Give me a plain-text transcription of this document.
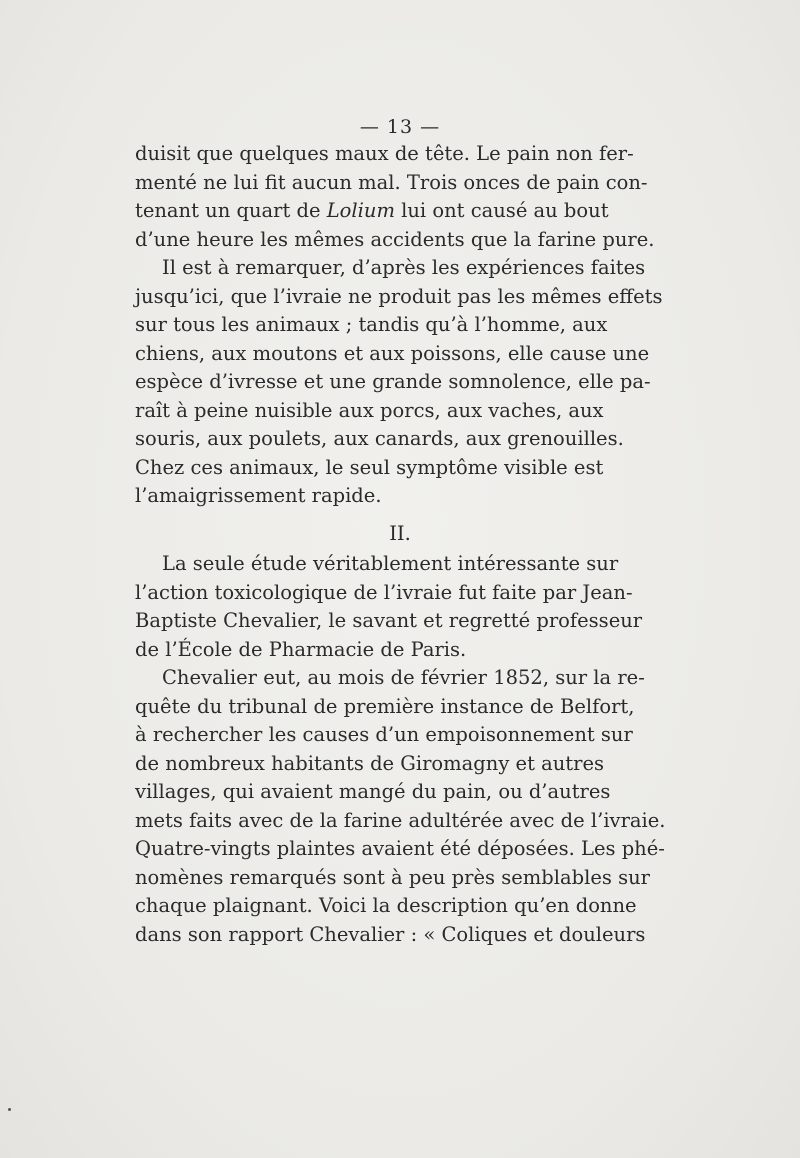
— 13 —
duisit que quelques maux de tête. Le pain non fer-
menté ne lui fit aucun mal. Trois onces de pain con-
tenant un quart de Lolium lui ont causé au bout
d’une heure les mêmes accidents que la farine pure.
Il est à remarquer, d’après les expériences faites
jusqu’ici, que l’ivraie ne produit pas les mêmes effets
sur tous les animaux ; tandis qu’à l’homme, aux
chiens, aux moutons et aux poissons, elle cause une
espèce d’ivresse et une grande somnolence, elle pa-
raît à peine nuisible aux porcs, aux vaches, aux
souris, aux poulets, aux canards, aux grenouilles.
Chez ces animaux, le seul symptôme visible est
l’amaigrissement rapide.
II.
La seule étude véritablement intéressante sur
l’action toxicologique de l’ivraie fut faite par Jean-
Baptiste Chevalier, le savant et regretté professeur
de l’École de Pharmacie de Paris.
Chevalier eut, au mois de février 1852, sur la re-
quête du tribunal de première instance de Belfort,
à rechercher les causes d’un empoisonnement sur
de nombreux habitants de Giromagny et autres
villages, qui avaient mangé du pain, ou d’autres
mets faits avec de la farine adultérée avec de l’ivraie.
Quatre-vingts plaintes avaient été déposées. Les phé-
nomènes remarqués sont à peu près semblables sur
chaque plaignant. Voici la description qu’en donne
dans son rapport Chevalier : « Coliques et douleurs
